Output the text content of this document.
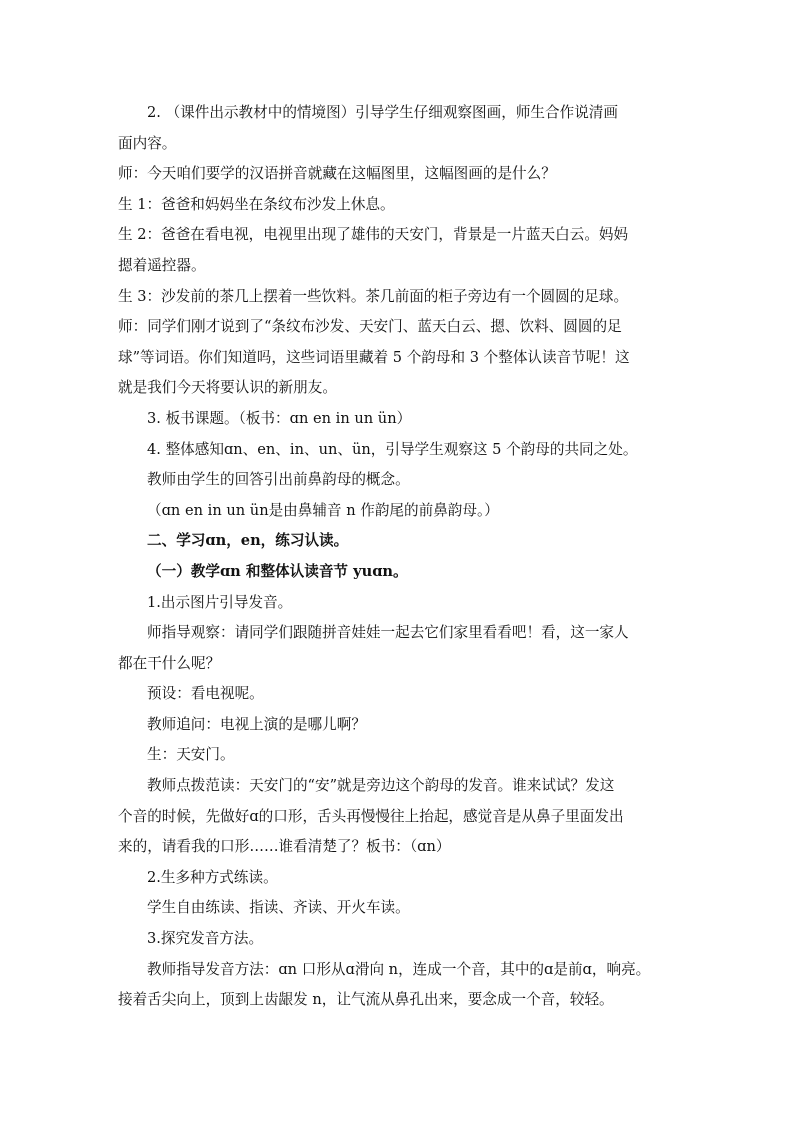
2. （课件出示教材中的情境图）引导学生仔细观察图画，师生合作说清画

面内容。

师：今天咱们要学的汉语拼音就藏在这幅图里，这幅图画的是什么？

生 1：爸爸和妈妈坐在条纹布沙发上休息。

生 2：爸爸在看电视，电视里出现了雄伟的天安门，背景是一片蓝天白云。妈妈

摁着遥控器。

生 3：沙发前的茶几上摆着一些饮料。茶几前面的柜子旁边有一个圆圆的足球。

师：同学们刚才说到了“条纹布沙发、天安门、蓝天白云、摁、饮料、圆圆的足

球”等词语。你们知道吗，这些词语里藏着 5 个韵母和 3 个整体认读音节呢！这

就是我们今天将要认识的新朋友。

3. 板书课题。（板书：ɑn en in un ün）

4. 整体感知ɑn、en、in、un、ün，引导学生观察这 5 个韵母的共同之处。

教师由学生的回答引出前鼻韵母的概念。

（ɑn en in un ün是由鼻辅音 n 作韵尾的前鼻韵母。）

二、学习ɑn，en，练习认读。

（一）教学ɑn 和整体认读音节 yuɑn。

1.出示图片引导发音。

师指导观察：请同学们跟随拼音娃娃一起去它们家里看看吧！看，这一家人

都在干什么呢？

预设：看电视呢。

教师追问：电视上演的是哪儿啊？

生：天安门。

教师点拨范读：天安门的“安”就是旁边这个韵母的发音。谁来试试？发这

个音的时候，先做好ɑ的口形，舌头再慢慢往上抬起，感觉音是从鼻子里面发出

来的，请看我的口形……谁看清楚了？板书：（ɑn）

2.生多种方式练读。

学生自由练读、指读、齐读、开火车读。

3.探究发音方法。

教师指导发音方法：ɑn 口形从ɑ滑向 n，连成一个音，其中的ɑ是前ɑ，响亮。

接着舌尖向上，顶到上齿龈发 n，让气流从鼻孔出来，要念成一个音，较轻。
